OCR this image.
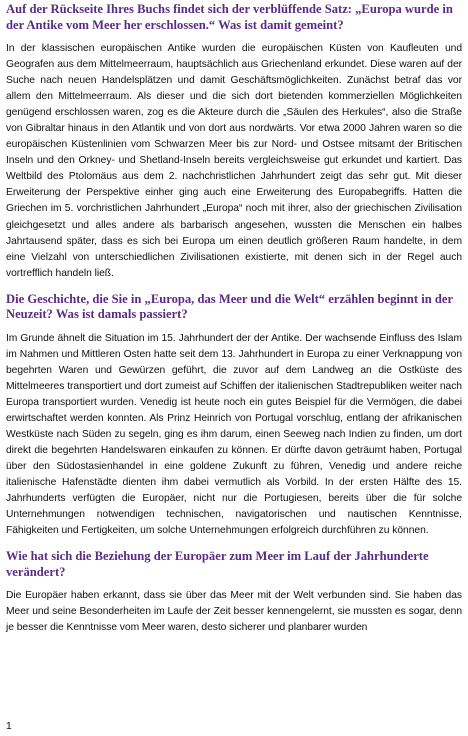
Auf der Rückseite Ihres Buchs findet sich der verblüffende Satz: „Europa wurde in der Antike vom Meer her erschlossen.“ Was ist damit gemeint?

In der klassischen europäischen Antike wurden die europäischen Küsten von Kaufleuten und Geografen aus dem Mittelmeerraum, hauptsächlich aus Griechenland erkundet. Diese waren auf der Suche nach neuen Handelsplätzen und damit Geschäftsmöglichkeiten. Zunächst betraf das vor allem den Mittelmeerraum. Als dieser und die sich dort bietenden kommerziellen Möglichkeiten genügend erschlossen waren, zog es die Akteure durch die „Säulen des Herkules“, also die Straße von Gibraltar hinaus in den Atlantik und von dort aus nordwärts. Vor etwa 2000 Jahren waren so die europäischen Küstenlinien vom Schwarzen Meer bis zur Nord- und Ostsee mitsamt der Britischen Inseln und den Orkney- und Shetland-Inseln bereits vergleichsweise gut erkundet und kartiert. Das Weltbild des Ptolomäus aus dem 2. nachchristlichen Jahrhundert zeigt das sehr gut. Mit dieser Erweiterung der Perspektive einher ging auch eine Erweiterung des Europabegriffs. Hatten die Griechen im 5. vorchristlichen Jahrhundert „Europa“ noch mit ihrer, also der griechischen Zivilisation gleichgesetzt und alles andere als barbarisch angesehen, wussten die Menschen ein halbes Jahrtausend später, dass es sich bei Europa um einen deutlich größeren Raum handelte, in dem eine Vielzahl von unterschiedlichen Zivilisationen existierte, mit denen sich in der Regel auch vortrefflich handeln ließ.

Die Geschichte, die Sie in „Europa, das Meer und die Welt“ erzählen beginnt in der Neuzeit? Was ist damals passiert?

Im Grunde ähnelt die Situation im 15. Jahrhundert der der Antike. Der wachsende Einfluss des Islam im Nahmen und Mittleren Osten hatte seit dem 13. Jahrhundert in Europa zu einer Verknappung von begehrten Waren und Gewürzen geführt, die zuvor auf dem Landweg an die Ostküste des Mittelmeeres transportiert und dort zumeist auf Schiffen der italienischen Stadtrepubliken weiter nach Europa transportiert wurden. Venedig ist heute noch ein gutes Beispiel für die Vermögen, die dabei erwirtschaftet werden konnten. Als Prinz Heinrich von Portugal vorschlug, entlang der afrikanischen Westküste nach Süden zu segeln, ging es ihm darum, einen Seeweg nach Indien zu finden, um dort direkt die begehrten Handelswaren einkaufen zu können. Er dürfte davon geträumt haben, Portugal über den Südostasienhandel in eine goldene Zukunft zu führen, Venedig und andere reiche italienische Hafenstädte dienten ihm dabei vermutlich als Vorbild. In der ersten Hälfte des 15. Jahrhunderts verfügten die Europäer, nicht nur die Portugiesen, bereits über die für solche Unternehmungen notwendigen technischen, navigatorischen und nautischen Kenntnisse, Fähigkeiten und Fertigkeiten, um solche Unternehmungen erfolgreich durchführen zu können.

Wie hat sich die Beziehung der Europäer zum Meer im Lauf der Jahrhunderte verändert?

Die Europäer haben erkannt, dass sie über das Meer mit der Welt verbunden sind. Sie haben das Meer und seine Besonderheiten im Laufe der Zeit besser kennengelernt, sie mussten es sogar, denn je besser die Kenntnisse vom Meer waren, desto sicherer und planbarer wurden

1
